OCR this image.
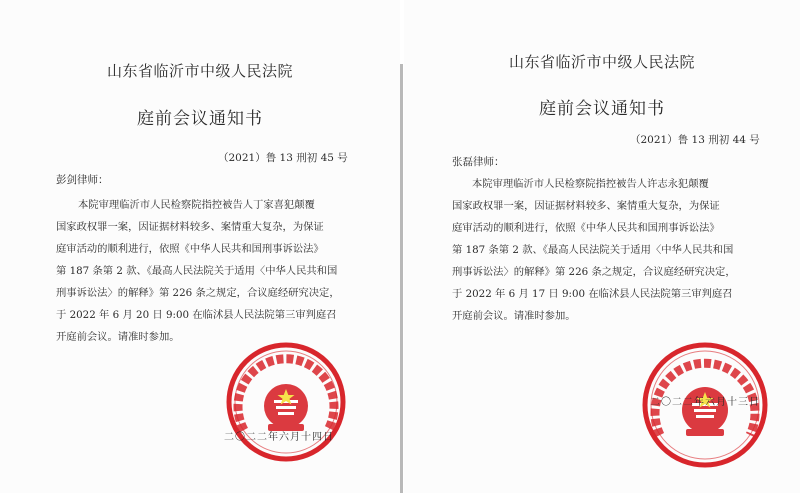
山东省临沂市中级人民法院
庭前会议通知书
（2021）鲁 13 刑初 45 号
彭剑律师：
本院审理临沂市人民检察院指控被告人丁家喜犯颠覆
国家政权罪一案，因证据材料较多、案情重大复杂，为保证
庭审活动的顺利进行，依照《中华人民共和国刑事诉讼法》
第 187 条第 2 款、《最高人民法院关于适用〈中华人民共和国
刑事诉讼法〉的解释》第 226 条之规定，合议庭经研究决定，
于 2022 年 6 月 20 日 9:00 在临沭县人民法院第三审判庭召
开庭前会议。请准时参加。
二〇二二年六月十四日
山东省临沂市中级人民法院
庭前会议通知书
（2021）鲁 13 刑初 44 号
张磊律师：
本院审理临沂市人民检察院指控被告人许志永犯颠覆
国家政权罪一案，因证据材料较多、案情重大复杂，为保证
庭审活动的顺利进行，依照《中华人民共和国刑事诉讼法》
第 187 条第 2 款、《最高人民法院关于适用〈中华人民共和国
刑事诉讼法〉的解释》第 226 条之规定，合议庭经研究决定，
于 2022 年 6 月 17 日 9:00 在临沭县人民法院第三审判庭召
开庭前会议。请准时参加。
二〇二二年六月十三日
